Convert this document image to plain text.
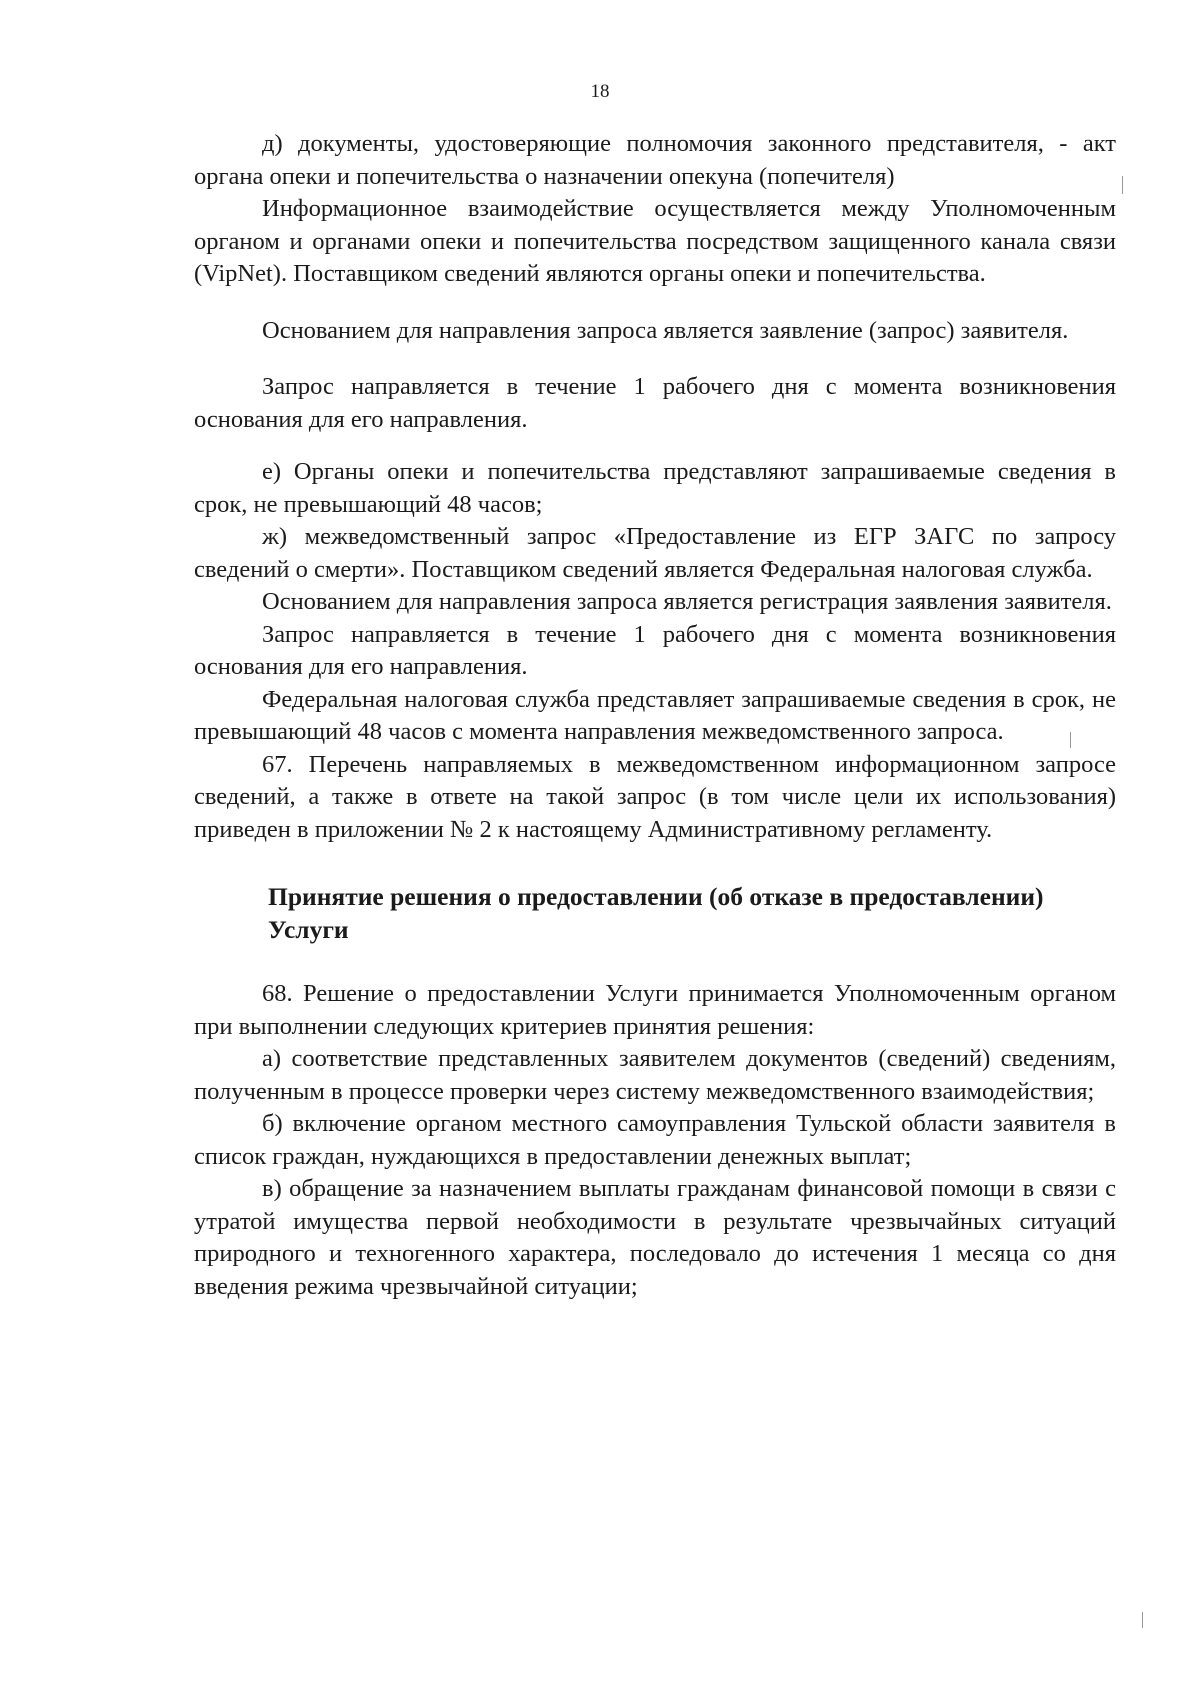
18

д) документы, удостоверяющие полномочия законного представителя, - акт органа опеки и попечительства о назначении опекуна (попечителя)

Информационное взаимодействие осуществляется между Уполномоченным органом и органами опеки и попечительства посредством защищенного канала связи (VipNet). Поставщиком сведений являются органы опеки и попечительства.

Основанием для направления запроса является заявление (запрос) заявителя.

Запрос направляется в течение 1 рабочего дня с момента возникновения основания для его направления.

е) Органы опеки и попечительства представляют запрашиваемые сведения в срок, не превышающий 48 часов;

ж) межведомственный запрос «Предоставление из ЕГР ЗАГС по запросу сведений о смерти». Поставщиком сведений является Федеральная налоговая служба.

Основанием для направления запроса является регистрация заявления заявителя.

Запрос направляется в течение 1 рабочего дня с момента возникновения основания для его направления.

Федеральная налоговая служба представляет запрашиваемые сведения в срок, не превышающий 48 часов с момента направления межведомственного запроса.

67. Перечень направляемых в межведомственном информационном запросе сведений, а также в ответе на такой запрос (в том числе цели их использования) приведен в приложении № 2 к настоящему Административному регламенту.

Принятие решения о предоставлении (об отказе в предоставлении)

Услуги

68. Решение о предоставлении Услуги принимается Уполномоченным органом при выполнении следующих критериев принятия решения:

а) соответствие представленных заявителем документов (сведений) сведениям, полученным в процессе проверки через систему межведомственного взаимодействия;

б) включение органом местного самоуправления Тульской области заявителя в список граждан, нуждающихся в предоставлении денежных выплат;

в) обращение за назначением выплаты гражданам финансовой помощи в связи с утратой имущества первой необходимости в результате чрезвычайных ситуаций природного и техногенного характера, последовало до истечения 1 месяца со дня введения режима чрезвычайной ситуации;
